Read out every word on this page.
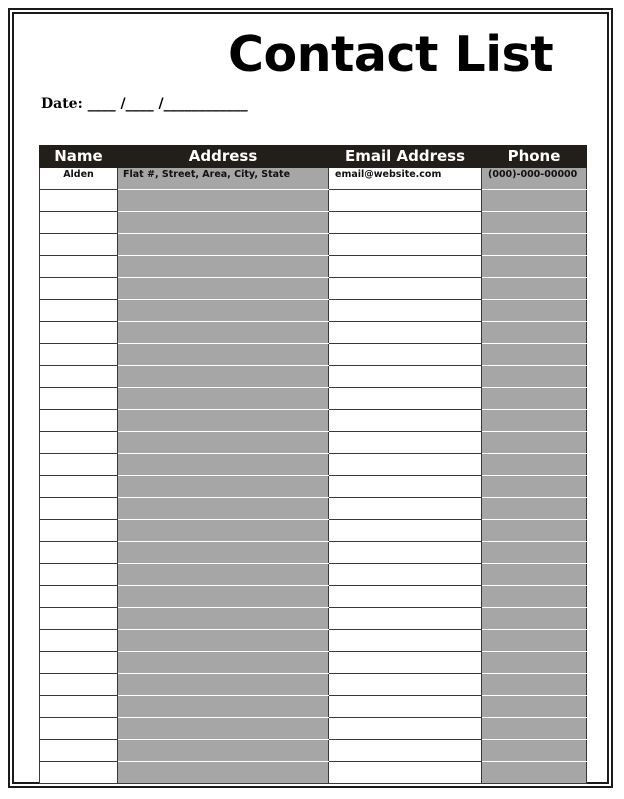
Contact List
Date: ____ /____ /____________
Name	Address	Email Address	Phone
Alden	Flat #, Street, Area, City, State	email@website.com	(000)-000-00000
